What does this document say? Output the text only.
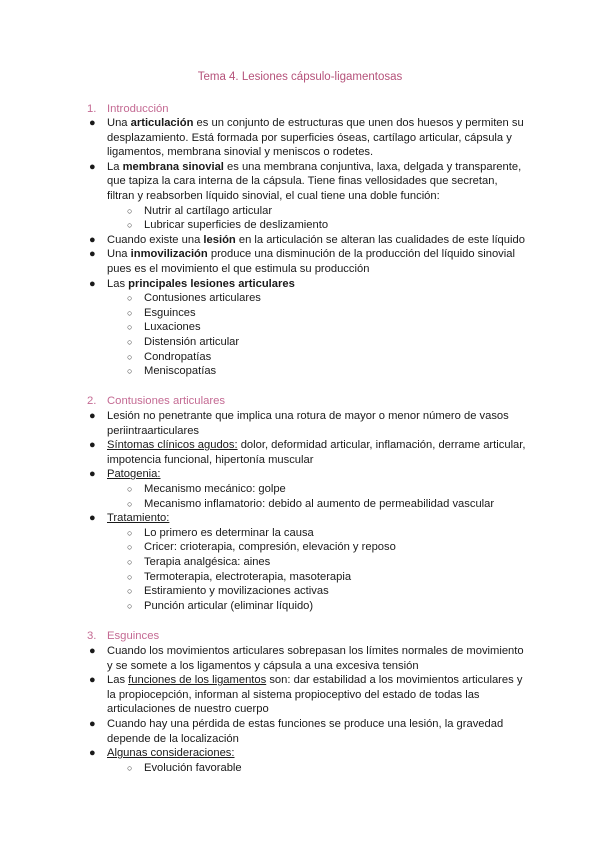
Tema 4. Lesiones cápsulo-ligamentosas
1. Introducción
● Una articulación es un conjunto de estructuras que unen dos huesos y permiten su desplazamiento. Está formada por superficies óseas, cartílago articular, cápsula y ligamentos, membrana sinovial y meniscos o rodetes.
● La membrana sinovial es una membrana conjuntiva, laxa, delgada y transparente, que tapiza la cara interna de la cápsula. Tiene finas vellosidades que secretan, filtran y reabsorben líquido sinovial, el cual tiene una doble función:
○ Nutrir al cartílago articular
○ Lubricar superficies de deslizamiento
● Cuando existe una lesión en la articulación se alteran las cualidades de este líquido
● Una inmovilización produce una disminución de la producción del líquido sinovial pues es el movimiento el que estimula su producción
● Las principales lesiones articulares
○ Contusiones articulares
○ Esguinces
○ Luxaciones
○ Distensión articular
○ Condropatías
○ Meniscopatías
2. Contusiones articulares
● Lesión no penetrante que implica una rotura de mayor o menor número de vasos periintraarticulares
● Síntomas clínicos agudos: dolor, deformidad articular, inflamación, derrame articular, impotencia funcional, hipertonía muscular
● Patogenia:
○ Mecanismo mecánico: golpe
○ Mecanismo inflamatorio: debido al aumento de permeabilidad vascular
● Tratamiento:
○ Lo primero es determinar la causa
○ Cricer: crioterapia, compresión, elevación y reposo
○ Terapia analgésica: aines
○ Termoterapia, electroterapia, masoterapia
○ Estiramiento y movilizaciones activas
○ Punción articular (eliminar líquido)
3. Esguinces
● Cuando los movimientos articulares sobrepasan los límites normales de movimiento y se somete a los ligamentos y cápsula a una excesiva tensión
● Las funciones de los ligamentos son: dar estabilidad a los movimientos articulares y la propiocepción, informan al sistema propioceptivo del estado de todas las articulaciones de nuestro cuerpo
● Cuando hay una pérdida de estas funciones se produce una lesión, la gravedad depende de la localización
● Algunas consideraciones:
○ Evolución favorable
